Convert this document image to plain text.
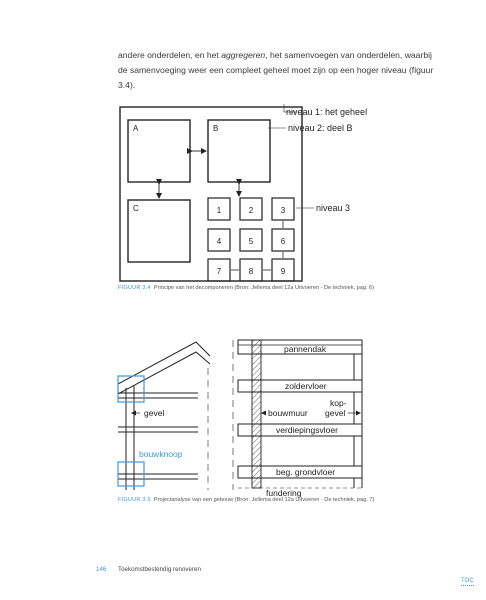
andere onderdelen, en het aggregeren, het samenvoegen van onderdelen, waarbij de samenvoeging weer een compleet geheel moet zijn op een hoger niveau (figuur 3.4).
A	B
C	1	2	3
4	5	6
7	8	9
niveau 1: het geheel
niveau 2: deel B
niveau 3
FIGUUR 3.4 Principe van het decomponeren (Bron: Jellema deel 12a Uitvoeren - De techniek, pag. 6)
gevel
bouwknoop
pannendak
zoldervloer
verdiepingsvloer
beg. grondvloer
bouwmuur
kop-
gevel
fundering
FIGUUR 3.5 Projectanalyse van een gebouw (Bron: Jellema deel 12a Uitvoeren - De techniek, pag. 7)
146 Toekomstbestendig renoveren
TOC
